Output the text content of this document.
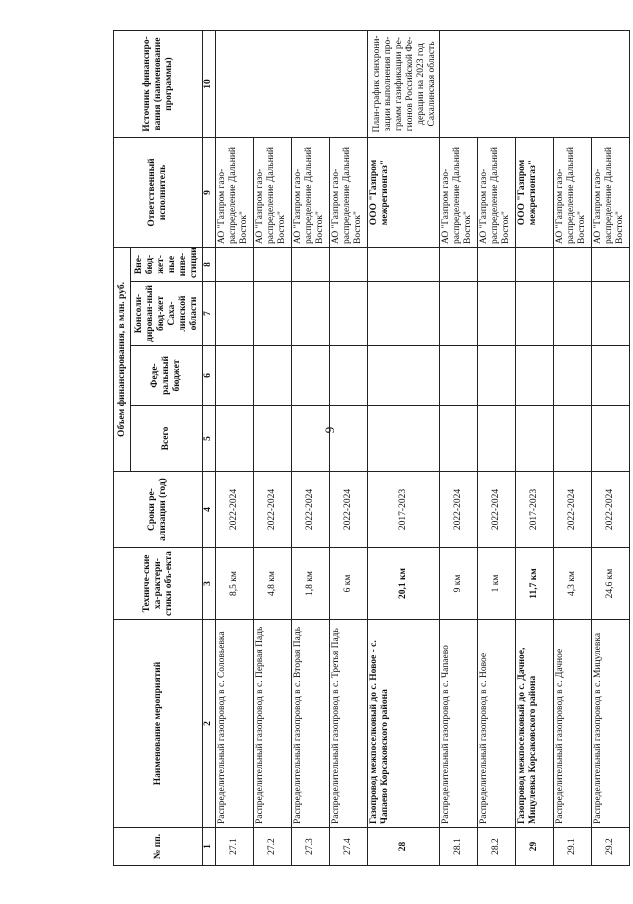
9
№ пп.	Наименование мероприятий	Техниче-ские ха-рактери-стики объ-екта	Сроки ре-ализации (год)	Объем финансирования, в млн. руб.				Ответственный исполнитель	Источник финансиро-вания (наименование программы)
				Всего	Феде-ральный бюджет	Консоли-дирован-ный бюд-жет Саха-линской области	Вне-бюд-жет-ные инве-стиции		
1	2	3	4	5	6	7	8	9	10
27.1	Распределительный газопровод в с. Соловьевка	8,5 км	2022-2024					АО "Газпром газо-распределение Дальний Восток"	
27.2	Распределительный газопровод в с. Первая Падь	4,8 км	2022-2024					АО "Газпром газо-распределение Дальний Восток"	
27.3	Распределительный газопровод в с. Вторая Падь	1,8 км	2022-2024					АО "Газпром газо-распределение Дальний Восток"	
27.4	Распределительный газопровод в с. Третья Падь	6 км	2022-2024					АО "Газпром газо-распределение Дальний Восток"	
28	Газопровод межпоселковый до с. Новое - с. Чапаево Корсаковского района	20,1 км	2017-2023					ООО "Газпром межрегионгаз"	План-график синхрони-зации выполнения про-грамм газификации ре-гионов Российской Фе-дерации на 2023 год Сахалинская область
28.1	Распределительный газопровод в с. Чапаево	9 км	2022-2024					АО "Газпром газо-распределение Дальний Восток"	
28.2	Распределительный газопровод в с. Новое	1 км	2022-2024					АО "Газпром газо-распределение Дальний Восток"	
29	Газопровод межпоселковый до с. Дачное, Мицулевка Корсаковского района	11,7 км	2017-2023					ООО "Газпром межрегионгаз"	
29.1	Распределительный газопровод в с. Дачное	4,3 км	2022-2024					АО "Газпром газо-распределение Дальний Восток"	
29.2	Распределительный газопровод в с. Мицулевка	24,6 км	2022-2024					АО "Газпром газо-распределение Дальний Восток"	
